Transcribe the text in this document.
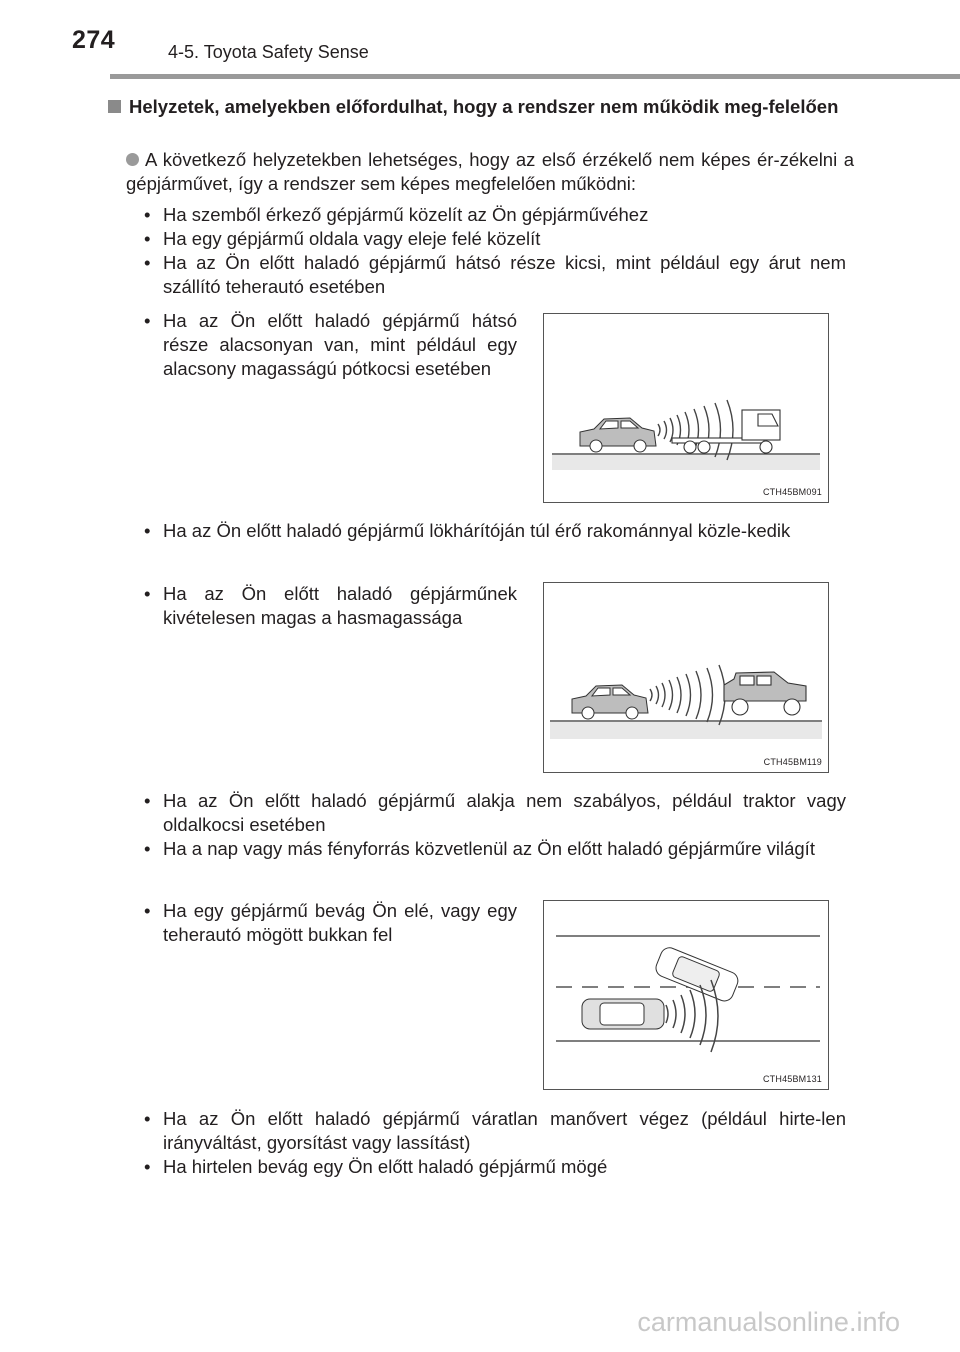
274	4-5. Toyota Safety Sense
Helyzetek, amelyekben előfordulhat, hogy a rendszer nem működik meg-felelően
A következő helyzetekben lehetséges, hogy az első érzékelő nem képes ér-zékelni a gépjárművet, így a rendszer sem képes megfelelően működni:
• Ha szemből érkező gépjármű közelít az Ön gépjárművéhez
• Ha egy gépjármű oldala vagy eleje felé közelít
• Ha az Ön előtt haladó gépjármű hátsó része kicsi, mint például egy árut nem szállító teherautó esetében
• Ha az Ön előtt haladó gépjármű hátsó része alacsonyan van, mint például egy alacsony magasságú pótkocsi esetében
CTH45BM091
• Ha az Ön előtt haladó gépjármű lökhárítóján túl érő rakománnyal közle-kedik
• Ha az Ön előtt haladó gépjárműnek kivételesen magas a hasmagassága
CTH45BM119
• Ha az Ön előtt haladó gépjármű alakja nem szabályos, például traktor vagy oldalkocsi esetében
• Ha a nap vagy más fényforrás közvetlenül az Ön előtt haladó gépjárműre világít
• Ha egy gépjármű bevág Ön elé, vagy egy teherautó mögött bukkan fel
CTH45BM131
• Ha az Ön előtt haladó gépjármű váratlan manővert végez (például hirte-len irányváltást, gyorsítást vagy lassítást)
• Ha hirtelen bevág egy Ön előtt haladó gépjármű mögé
carmanualsonline.info
